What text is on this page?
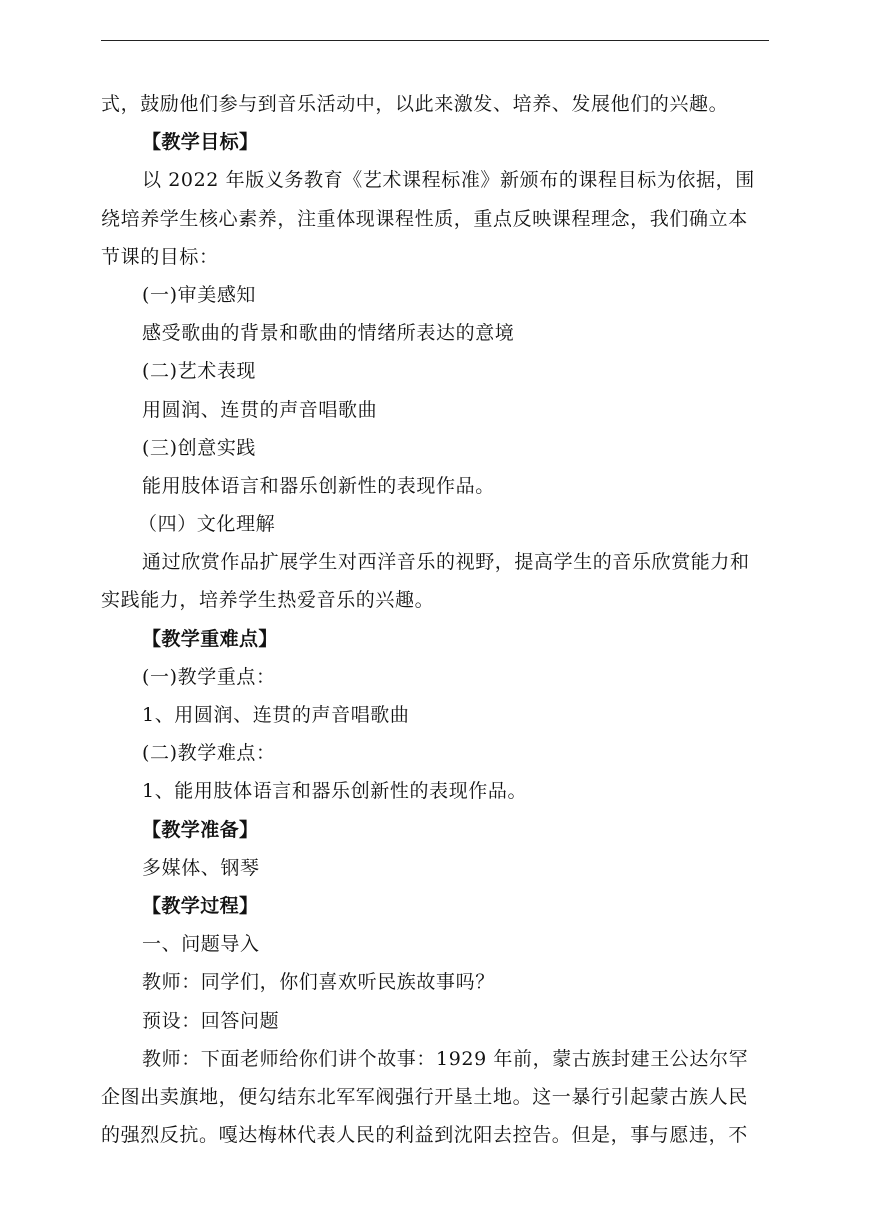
式，鼓励他们参与到音乐活动中，以此来激发、培养、发展他们的兴趣。
【教学目标】
以 2022 年版义务教育《艺术课程标准》新颁布的课程目标为依据，围
绕培养学生核心素养，注重体现课程性质，重点反映课程理念，我们确立本
节课的目标：
(一)审美感知
感受歌曲的背景和歌曲的情绪所表达的意境
(二)艺术表现
用圆润、连贯的声音唱歌曲
(三)创意实践
能用肢体语言和器乐创新性的表现作品。
（四）文化理解
通过欣赏作品扩展学生对西洋音乐的视野，提高学生的音乐欣赏能力和
实践能力，培养学生热爱音乐的兴趣。
【教学重难点】
(一)教学重点：
1、用圆润、连贯的声音唱歌曲
(二)教学难点：
1、能用肢体语言和器乐创新性的表现作品。
【教学准备】
多媒体、钢琴
【教学过程】
一、问题导入
教师：同学们，你们喜欢听民族故事吗？
预设：回答问题
教师：下面老师给你们讲个故事：1929 年前，蒙古族封建王公达尔罕
企图出卖旗地，便勾结东北军军阀强行开垦土地。这一暴行引起蒙古族人民
的强烈反抗。嘎达梅林代表人民的利益到沈阳去控告。但是，事与愿违，不
